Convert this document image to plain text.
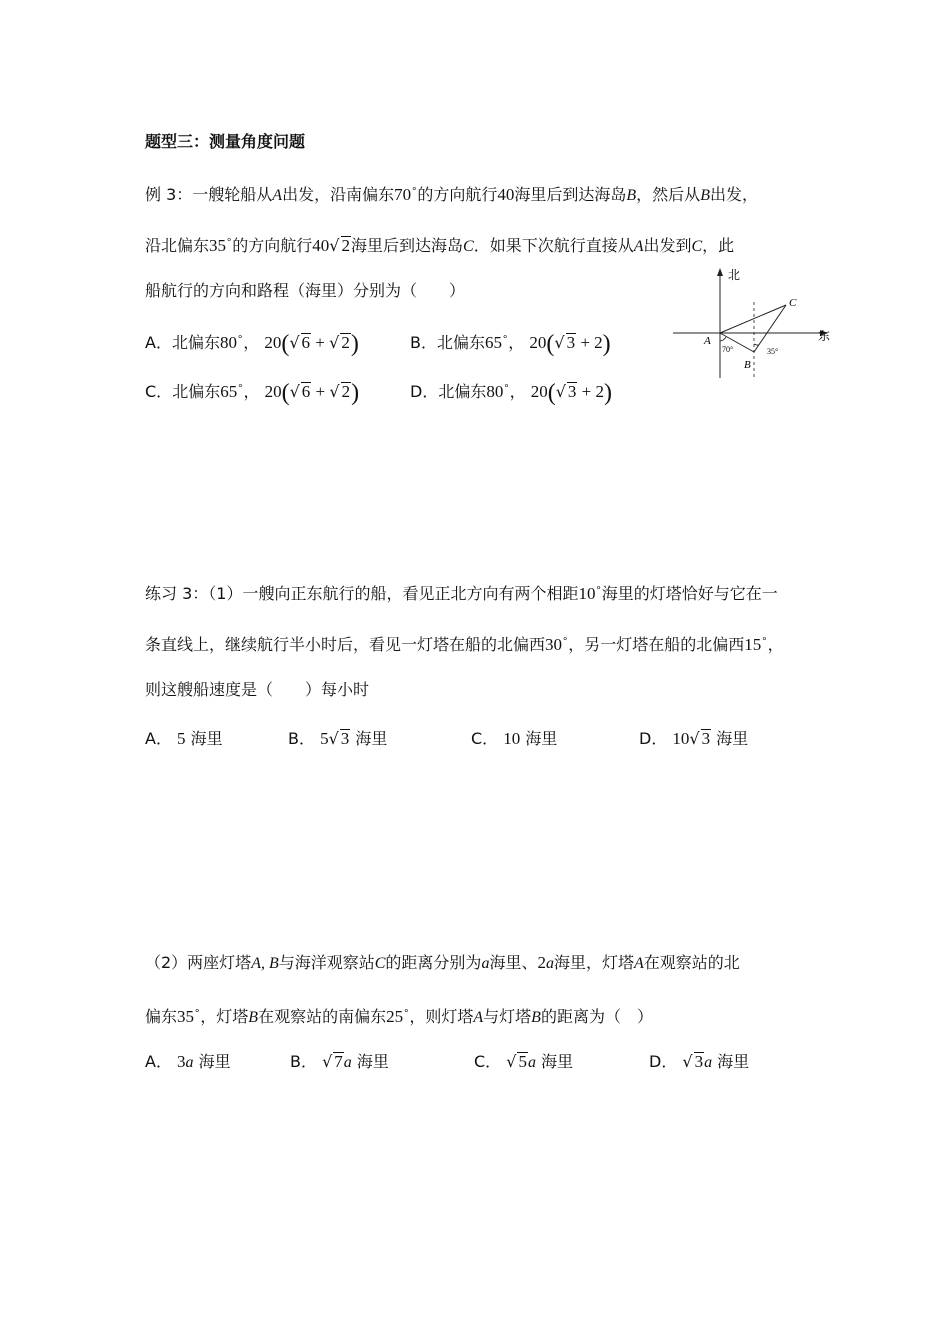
题型三：测量角度问题
例 3：一艘轮船从A出发，沿南偏东70∘的方向航行40海里后到达海岛B，然后从B出发，
沿北偏东35∘的方向航行40√ 2海里后到达海岛C．如果下次航行直接从A出发到C，此
船航行的方向和路程（海里）分别为（　　）
A．北偏东80∘， 20(√ 6 + √ 2)	B．北偏东65∘， 20(√ 3 + 2)
C．北偏东65∘， 20(√ 6 + √ 2)	D．北偏东80∘， 20(√ 3 + 2)
北
东
C
A
B
70°	35°
练习 3：（1）一艘向正东航行的船，看见正北方向有两个相距10∘海里的灯塔恰好与它在一
条直线上，继续航行半小时后，看见一灯塔在船的北偏西30∘，另一灯塔在船的北偏西15∘，
则这艘船速度是（　　）每小时
A． 5 海里	B． 5√ 3 海里	C． 10 海里	D． 10√ 3 海里
（2）两座灯塔A, B与海洋观察站C的距离分别为a海里、2a海里，灯塔A在观察站的北
偏东35∘，灯塔B在观察站的南偏东25∘，则灯塔A与灯塔B的距离为（　）
A． 3a 海里	B． √ 7a 海里	C． √ 5a 海里	D． √ 3a 海里
